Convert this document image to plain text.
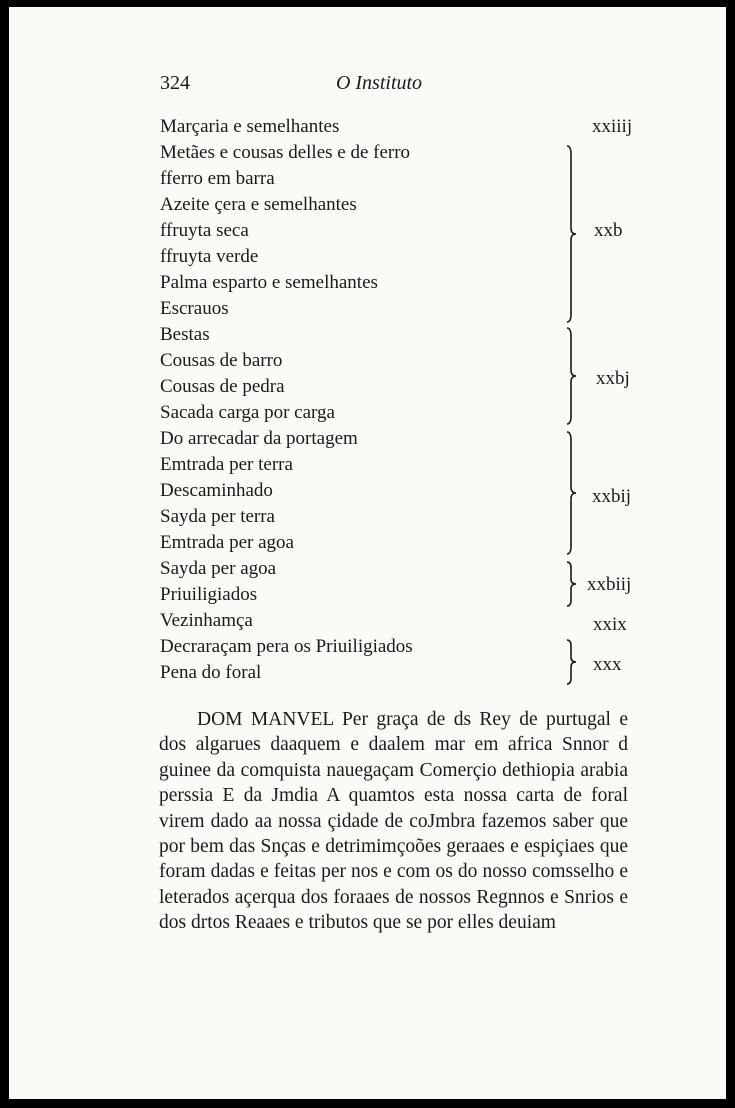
324	O Instituto
Marçaria e semelhantes
Metães e cousas delles e de ferro
fferro em barra
Azeite çera e semelhantes
ffruyta seca
ffruyta verde
Palma esparto e semelhantes
Escrauos
Bestas
Cousas de barro
Cousas de pedra
Sacada carga por carga
Do arrecadar da portagem
Emtrada per terra
Descaminhado
Sayda per terra
Emtrada per agoa
Sayda per agoa
Priuiligiados
Vezinhamça
Decraraçam pera os Priuiligiados
Pena do foral
xxiiij
xxb
xxbj
xxbij
xxbiij
xxix
xxx

DOM MANVEL Per graça de ds Rey de purtugal e dos algarues daaquem e daalem mar em africa Snnor d guinee da comquista nauegaçam Comerçio dethiopia arabia perssia E da Jmdia A quamtos esta nossa carta de foral virem dado aa nossa çidade de coJmbra fazemos saber que por bem das Snças e detrimimçoões geraaes e espiçiaes que foram dadas e feitas per nos e com os do nosso comsselho e leterados açerqua dos foraaes de nossos Regnnos e Snrios e dos drtos Reaaes e tributos que se por elles deuiam
